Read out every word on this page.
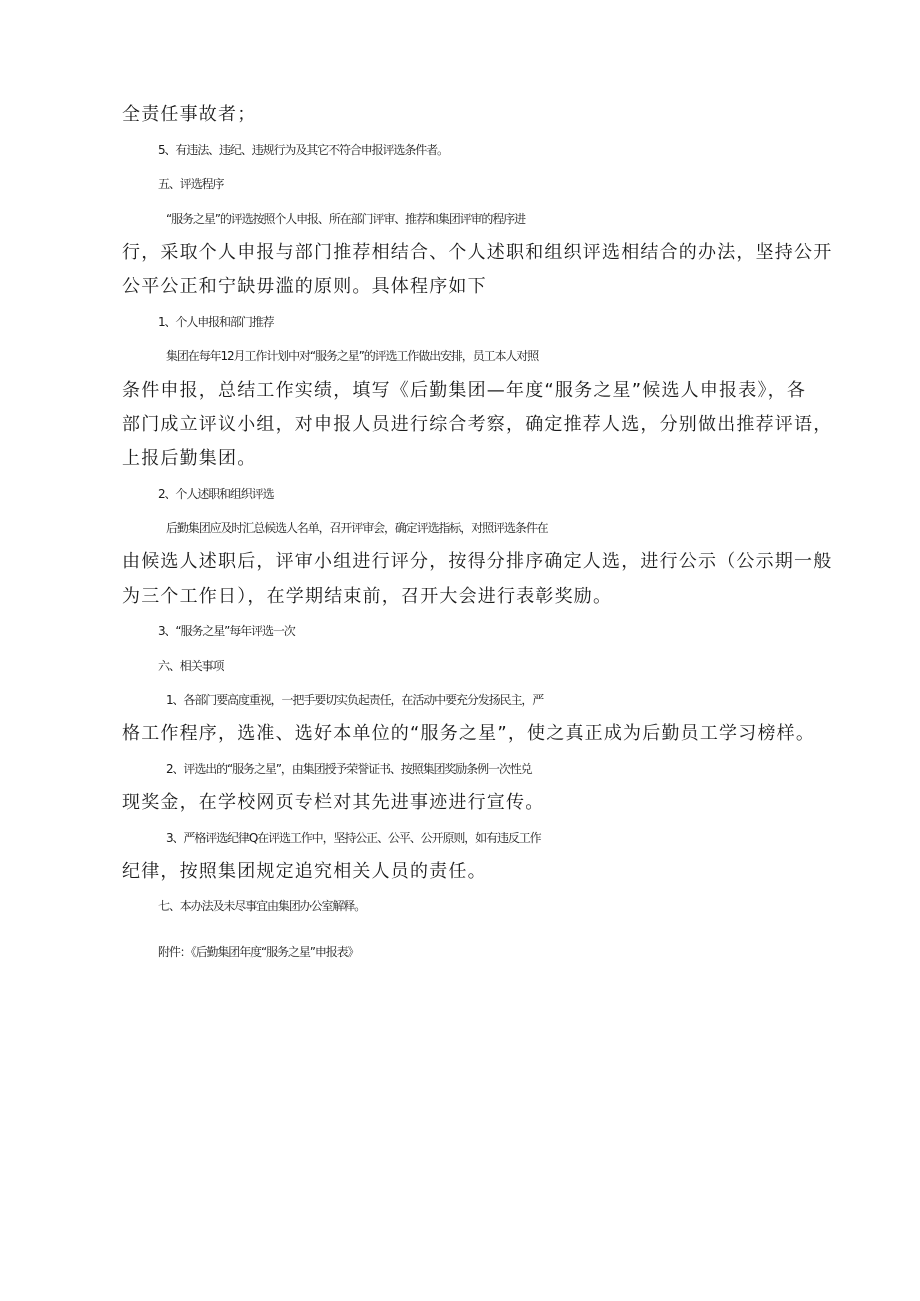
全责任事故者；
5、有违法、违纪、违规行为及其它不符合申报评选条件者。
五、评选程序
“服务之星”的评选按照个人申报、所在部门评审、推荐和集团评审的程序进
行，采取个人申报与部门推荐相结合、个人述职和组织评选相结合的办法，坚持公开
公平公正和宁缺毋滥的原则。具体程序如下
1、个人申报和部门推荐
集团在每年12月工作计划中对“服务之星”的评选工作做出安排，员工本人对照
条件申报，总结工作实绩，填写《后勤集团—年度“服务之星”候选人申报表》，各
部门成立评议小组，对申报人员进行综合考察，确定推荐人选，分别做出推荐评语，
上报后勤集团。
2、个人述职和组织评选
后勤集团应及时汇总候选人名单，召开评审会，确定评选指标，对照评选条件在
由候选人述职后，评审小组进行评分，按得分排序确定人选，进行公示（公示期一般
为三个工作日），在学期结束前，召开大会进行表彰奖励。
3、“服务之星”每年评选一次
六、相关事项
1、各部门要高度重视，一把手要切实负起责任，在活动中要充分发扬民主，严
格工作程序，选准、选好本单位的“服务之星”，使之真正成为后勤员工学习榜样。
2、评选出的“服务之星”，由集团授予荣誉证书、按照集团奖励条例一次性兑
现奖金，在学校网页专栏对其先进事迹进行宣传。
3、严格评选纪律Q在评选工作中，坚持公正、公平、公开原则，如有违反工作
纪律，按照集团规定追究相关人员的责任。
七、本办法及未尽事宜由集团办公室解释。
附件：《后勤集团年度“服务之星”申报表》
